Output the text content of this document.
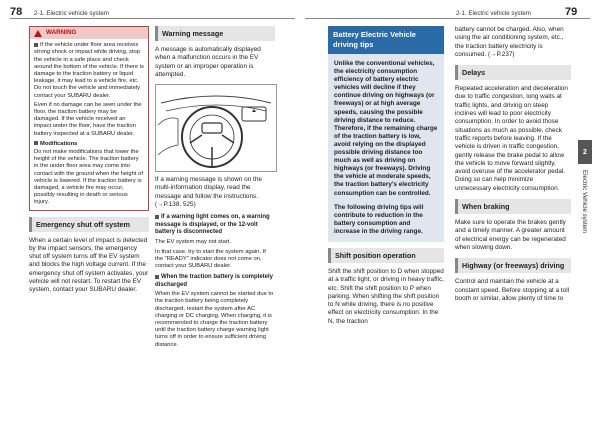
78 2-1. Electric vehicle system	2-1. Electric vehicle system	79
WARNING
If the vehicle under floor area receives strong shock or impact while driving, stop the vehicle in a safe place and check around the bottom of the vehicle. If there is damage to the traction battery or liquid leakage, it may lead to a vehicle fire, etc. Do not touch the vehicle and immediately contact your SUBARU dealer.
Even if no damage can be seen under the floor, the traction battery may be damaged. If the vehicle received an impact under the floor, have the traction battery inspected at a SUBARU dealer.
Modifications
Do not make modifications that lower the height of the vehicle. The traction battery in the under floor area may come into contact with the ground when the height of vehicle is lowered. If the traction battery is damaged, a vehicle fire may occur, possibly resulting in death or serious injury.
Emergency shut off system

When a certain level of impact is detected by the impact sensors, the emergency shut off system turns off the EV system and blocks the high voltage current. If the emergency shut off system activates, your vehicle will not restart. To restart the EV system, contact your SUBARU dealer.

Warning message

A message is automatically displayed when a malfunction occurs in the EV system or an improper operation is attempted.

If a warning message is shown on the multi-information display, read the message and follow the instructions. (→P.138, 525)

If a warning light comes on, a warning message is displayed, or the 12-volt battery is disconnected

The EV system may not start.

In that case, try to start the system again. If the "READY" indicator does not come on, contact your SUBARU dealer.

When the traction battery is completely discharged

When the EV system cannot be started due to the traction battery being completely discharged, restart the system after AC charging or DC charging. When charging, it is recommended to charge the traction battery until the traction battery charge warning light turns off in order to ensure sufficient driving distance.

Battery Electric Vehicle driving tips

Unlike the conventional vehicles, the electricity consumption efficiency of battery electric vehicles will decline if they continue driving on highways (or freeways) or at high average speeds, causing the possible driving distance to reduce. Therefore, if the remaining charge of the traction battery is low, avoid relying on the displayed possible driving distance too much as well as driving on highways (or freeways). Driving the vehicle at moderate speeds, the traction battery's electricity consumption can be controlled.

The following driving tips will contribute to reduction in the battery consumption and increase in the driving range.

Shift position operation

Shift the shift position to D when stopped at a traffic light, or driving in heavy traffic, etc. Shift the shift position to P when parking. When shifting the shift position to N while driving, there is no positive effect on electricity consumption. In the N, the traction

battery cannot be charged. Also, when using the air conditioning system, etc., the traction battery electricity is consumed. (→P.237)

Delays

Repeated acceleration and deceleration due to traffic congestion, long waits at traffic lights, and driving on steep inclines will lead to poor electricity consumption. In order to avoid those situations as much as possible, check traffic reports before leaving. If the vehicle is driven in traffic congestion, gently release the brake pedal to allow the vehicle to move forward slightly, avoid overuse of the accelerator pedal. Doing so can help minimize unnecessary electricity consumption.

When braking

Make sure to operate the brakes gently and a timely manner. A greater amount of electrical energy can be regenerated when slowing down.

Highway (or freeways) driving

Control and maintain the vehicle at a constant speed. Before stopping at a toll booth or similar, allow plenty of time to

2
Electric Vehicle system
